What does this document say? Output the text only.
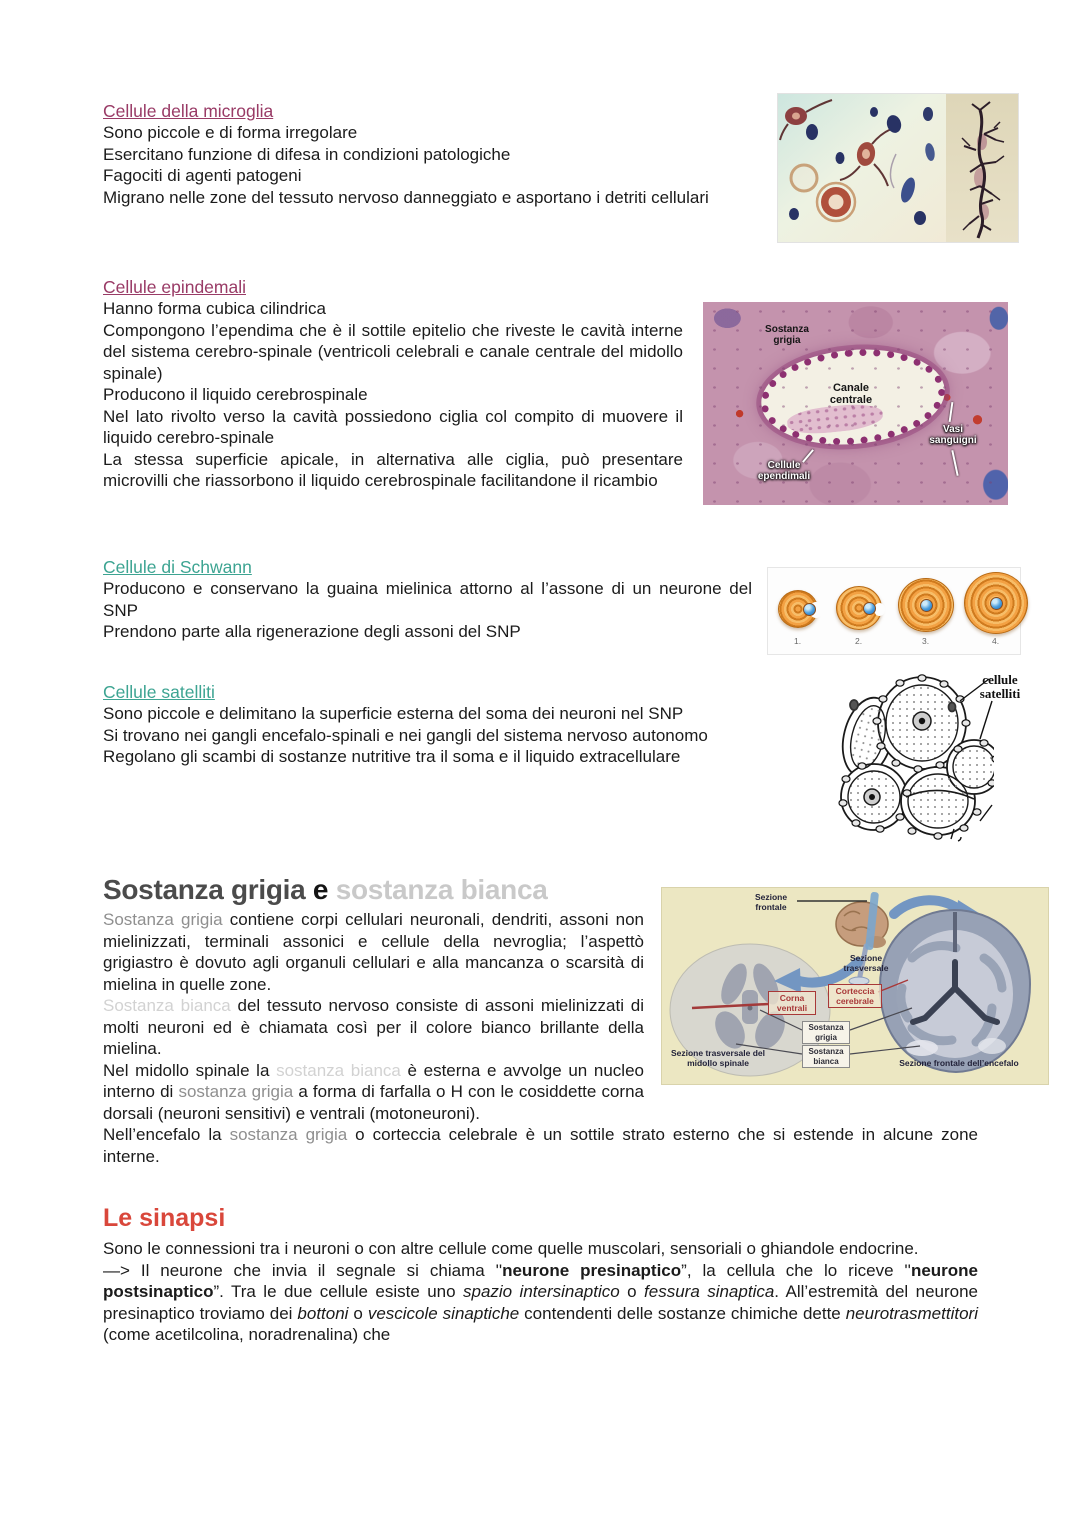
Cellule della microglia

Sono piccole e di forma irregolare

Esercitano funzione di difesa in condizioni patologiche

Fagociti di agenti patogeni

Migrano nelle zone del tessuto nervoso danneggiato e asportano i detriti cellulari

Sostanza grigia
Canale centrale
Vasi sanguigni
Cellule ependimali
Cellule epindemali

Hanno forma cubica cilindrica

Compongono l’ependima che è il sottile epitelio che riveste le cavità interne del sistema cerebro-spinale (ventricoli celebrali e canale centrale del midollo spinale)

Producono il liquido cerebrospinale

Nel lato rivolto verso la cavità possiedono ciglia col compito di muovere il liquido cerebro-spinale

La stessa superficie apicale, in alternativa alle ciglia, può presentare microvilli che riassorbono il liquido cerebrospinale facilitandone il ricambio

1.	2.	3.	4.
Cellule di Schwann

Producono e conservano la guaina mielinica attorno al l’assone di un neurone del SNP

Prendono parte alla rigenerazione degli assoni del SNP

cellule satelliti
Cellule satelliti

Sono piccole e delimitano la superficie esterna del soma dei neuroni nel SNP

Si trovano nei gangli encefalo-spinali e nei gangli del sistema nervoso autonomo

Regolano gli scambi di sostanze nutritive tra il soma e il liquido extracellulare

Sezione frontale
Sezione trasversale
Corteccia cerebrale
Corna ventrali
Sostanza grigia
Sostanza bianca
Sezione trasversale del midollo spinale	Sezione frontale dell’encefalo
Sostanza grigia e sostanza bianca

Sostanza grigia contiene corpi cellulari neuronali, dendriti, assoni non mielinizzati, terminali assonici e cellule della nevroglia; l’aspettò grigiastro è dovuto agli organuli cellulari e alla mancanza o scarsità di mielina in quelle zone.

Sostanza bianca del tessuto nervoso consiste di assoni mielinizzati di molti neuroni ed è chiamata così per il colore bianco brillante della mielina.

Nel midollo spinale la sostanza bianca è esterna e avvolge un nucleo interno di sostanza grigia a forma di farfalla o H con le cosiddette corna dorsali (neuroni sensitivi) e ventrali (motoneuroni).

Nell’encefalo la sostanza grigia o corteccia celebrale è un sottile strato esterno che si estende in alcune zone interne.

Le sinapsi

Sono le connessioni tra i neuroni o con altre cellule come quelle muscolari, sensoriali o ghiandole endocrine.

—> Il neurone che invia il segnale si chiama ''neurone presinaptico”, la cellula che lo riceve ''neurone postsinaptico”. Tra le due cellule esiste uno spazio intersinaptico o fessura sinaptica. All’estremità del neurone presinaptico troviamo dei bottoni o vescicole sinaptiche contendenti delle sostanze chimiche dette neurotrasmettitori (come acetilcolina, noradrenalina) che
